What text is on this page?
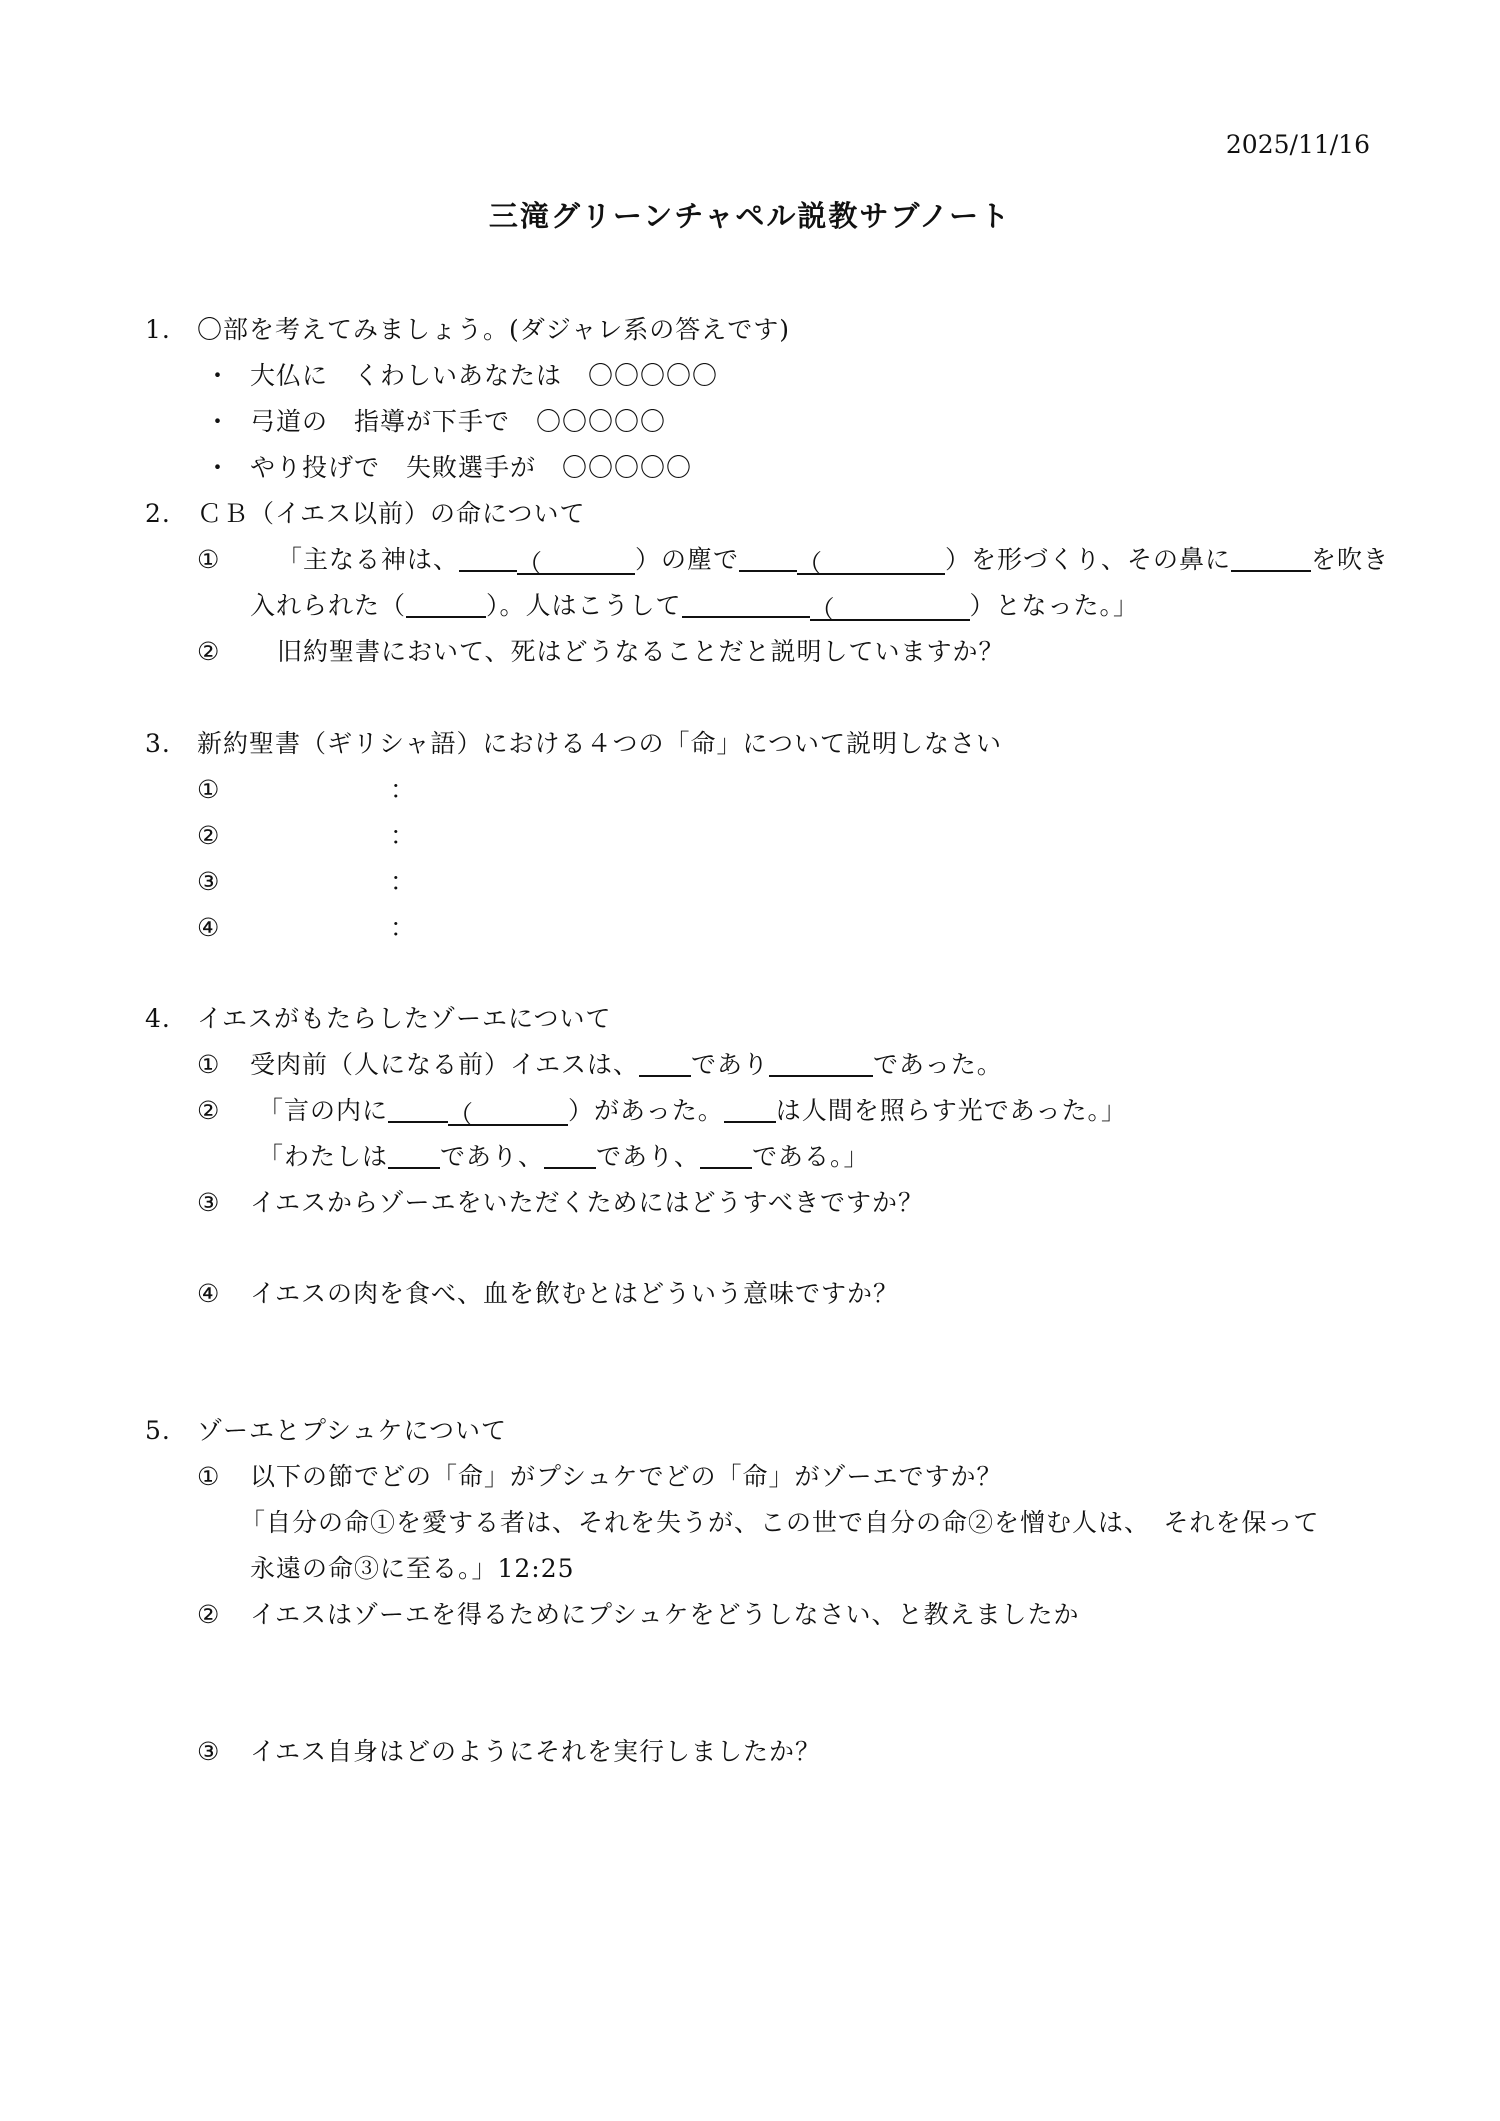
2025/11/16
三滝グリーンチャペル説教サブノート
1. 〇部を考えてみましょう。(ダジャレ系の答えです)
・ 大仏に　くわしいあなたは　〇〇〇〇〇
・ 弓道の　指導が下手で　〇〇〇〇〇
・ やり投げで　失敗選手が　〇〇〇〇〇
2. ＣＢ（イエス以前）の命について
① 「主なる神は、 （	）の塵で （	）を形づくり、その鼻に	を吹き
入れられた（	）。人はこうして	（	）となった。」
② 旧約聖書において、死はどうなることだと説明していますか？
3. 新約聖書（ギリシャ語）における４つの「命」について説明しなさい
①	：
②	：
③	：
④	：
4. イエスがもたらしたゾーエについて
① 受肉前（人になる前）イエスは、 であり	であった。
② 「言の内に （	）があった。 は人間を照らす光であった。」
「わたしは であり、 であり、 である。」
③ イエスからゾーエをいただくためにはどうすべきですか？
④ イエスの肉を食べ、血を飲むとはどういう意味ですか？
5. ゾーエとプシュケについて
① 以下の節でどの「命」がプシュケでどの「命」がゾーエですか？
「自分の命①を愛する者は、それを失うが、この世で自分の命②を憎む人は、　それを保って
永遠の命③に至る。」12:25
② イエスはゾーエを得るためにプシュケをどうしなさい、と教えましたか
③ イエス自身はどのようにそれを実行しましたか？
